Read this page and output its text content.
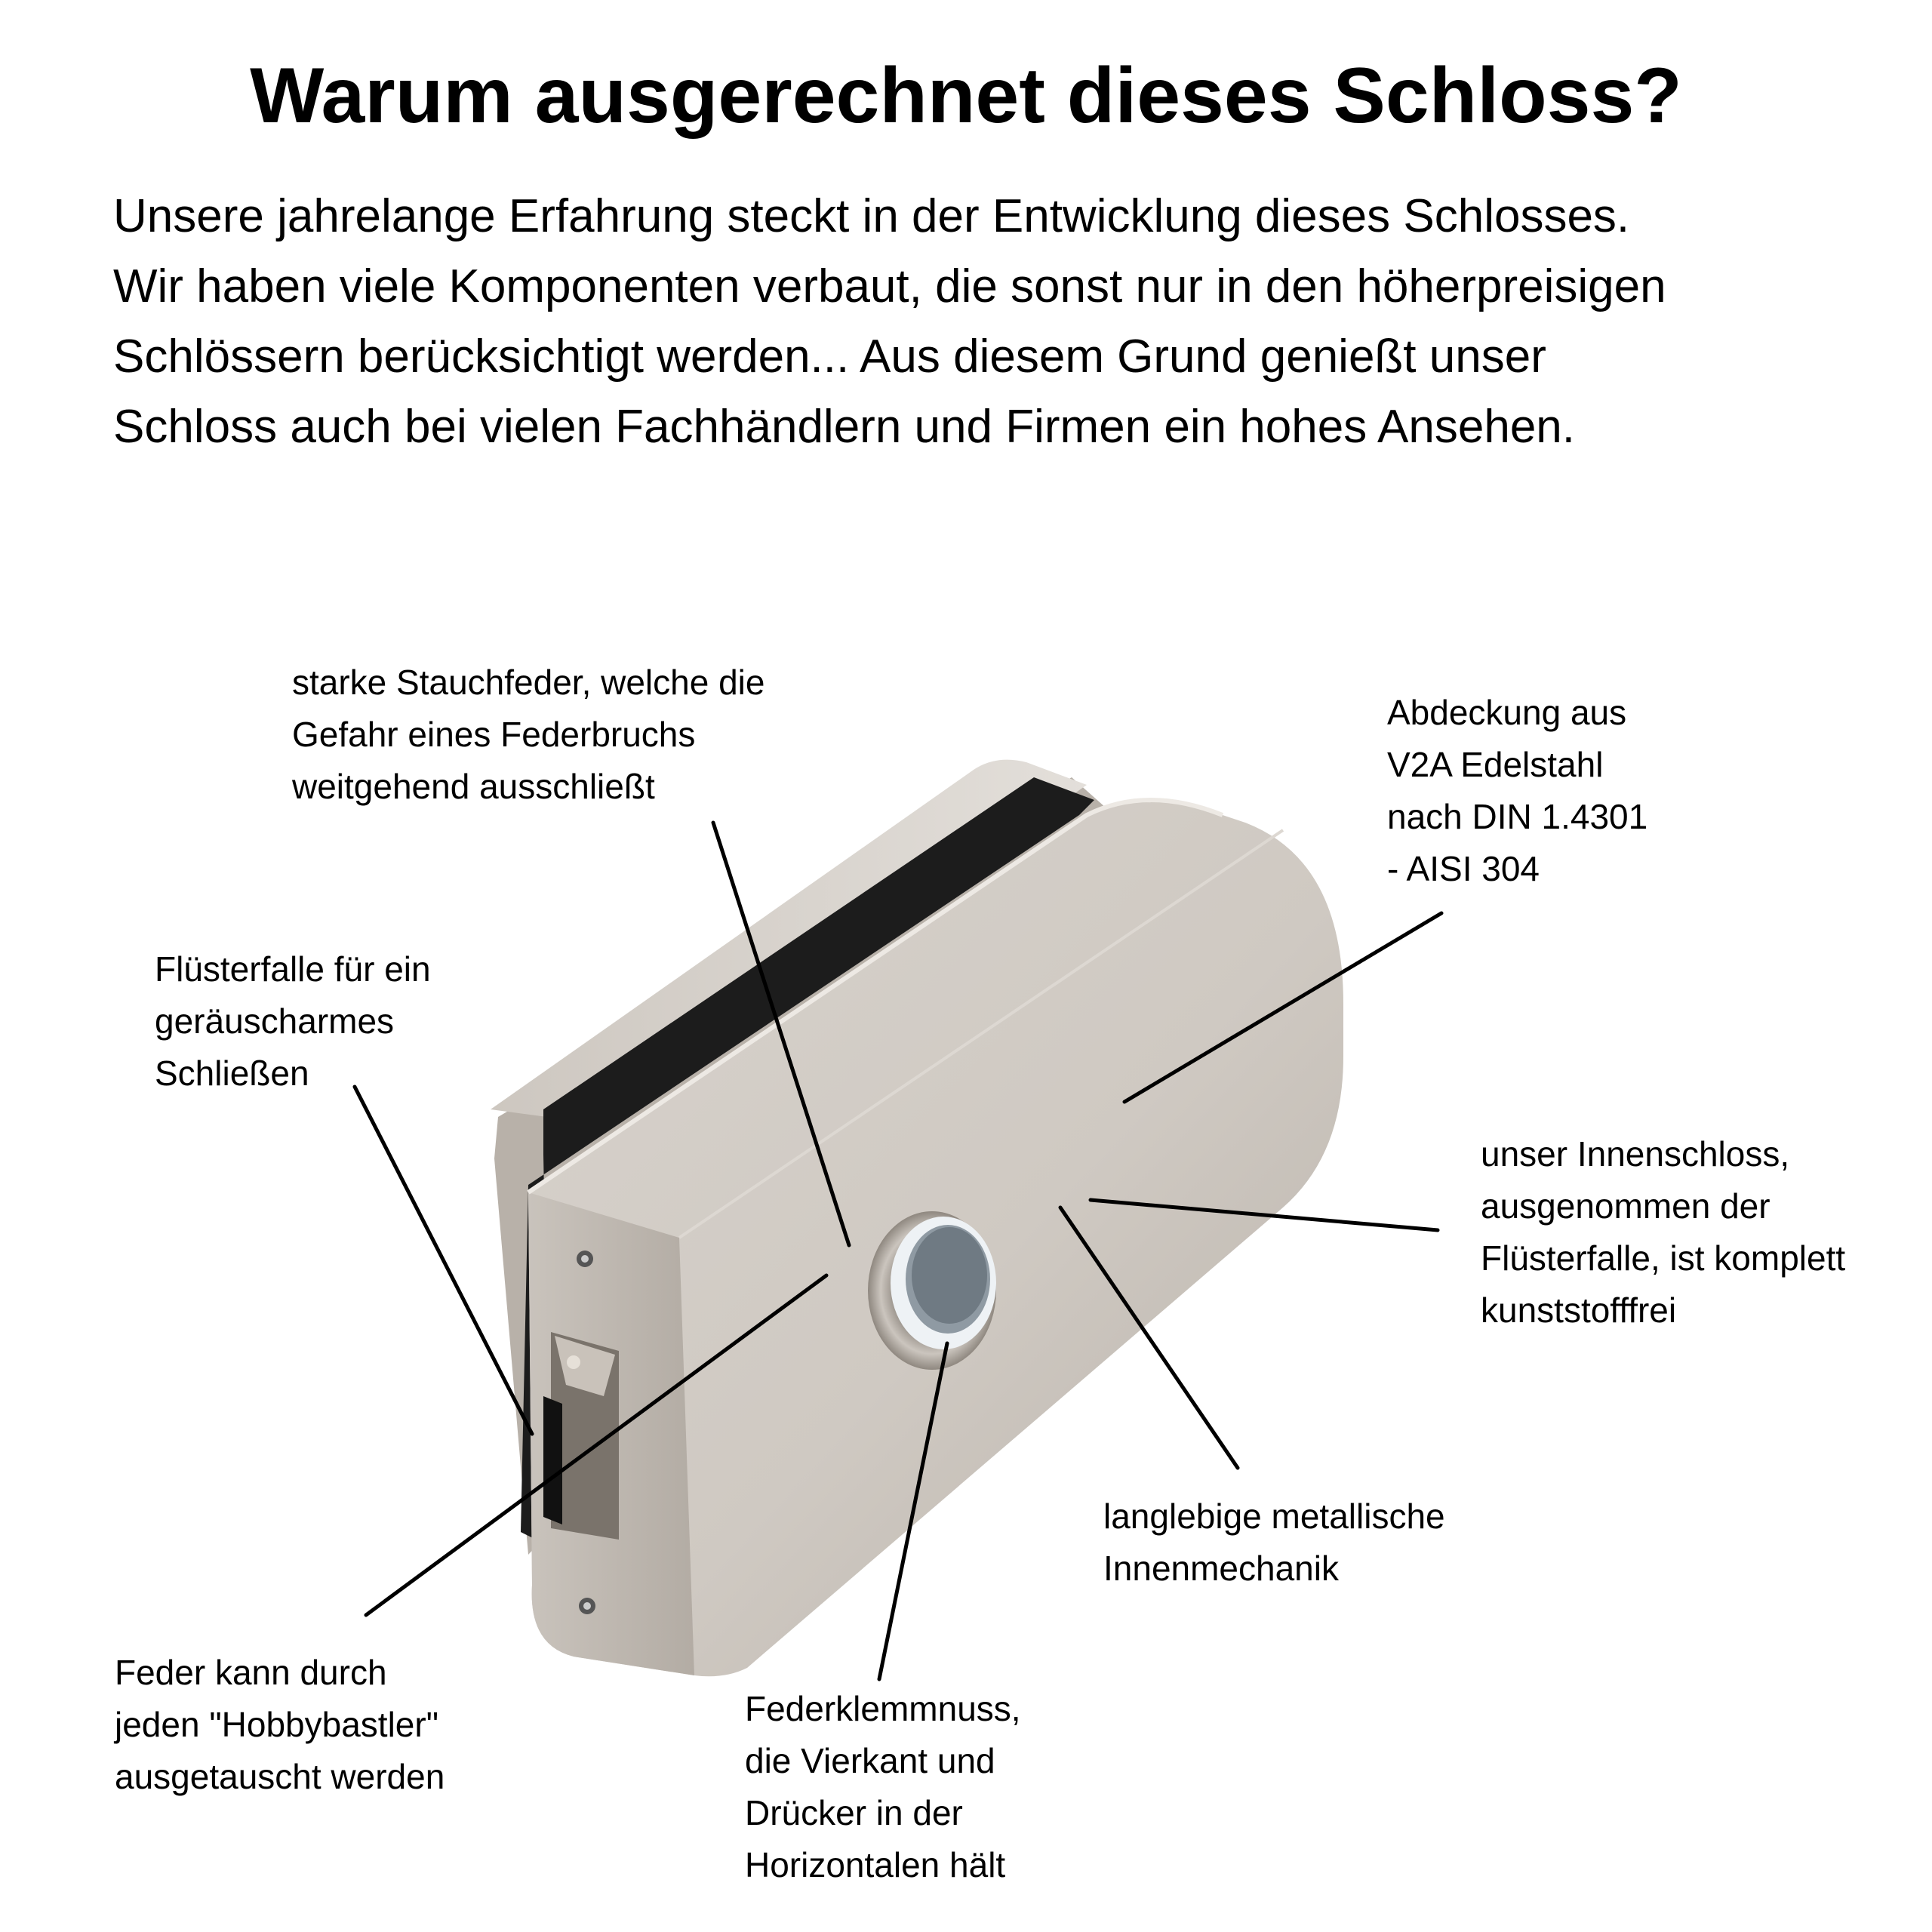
Warum ausgerechnet dieses Schloss?
Unsere jahrelange Erfahrung steckt in der Entwicklung dieses Schlosses.
Wir haben viele Komponenten verbaut, die sonst nur in den höherpreisigen
Schlössern berücksichtigt werden... Aus diesem Grund genießt unser
Schloss auch bei vielen Fachhändlern und Firmen ein hohes Ansehen.
starke Stauchfeder, welche die
Gefahr eines Federbruchs
weitgehend ausschließt
Abdeckung aus
V2A Edelstahl
nach DIN 1.4301
- AISI 304
Flüsterfalle für ein
geräuscharmes
Schließen
unser Innenschloss,
ausgenommen der
Flüsterfalle, ist komplett
kunststofffrei
langlebige metallische
Innenmechanik
Feder kann durch
jeden "Hobbybastler"
ausgetauscht werden
Federklemmnuss,
die Vierkant und
Drücker in der
Horizontalen hält
